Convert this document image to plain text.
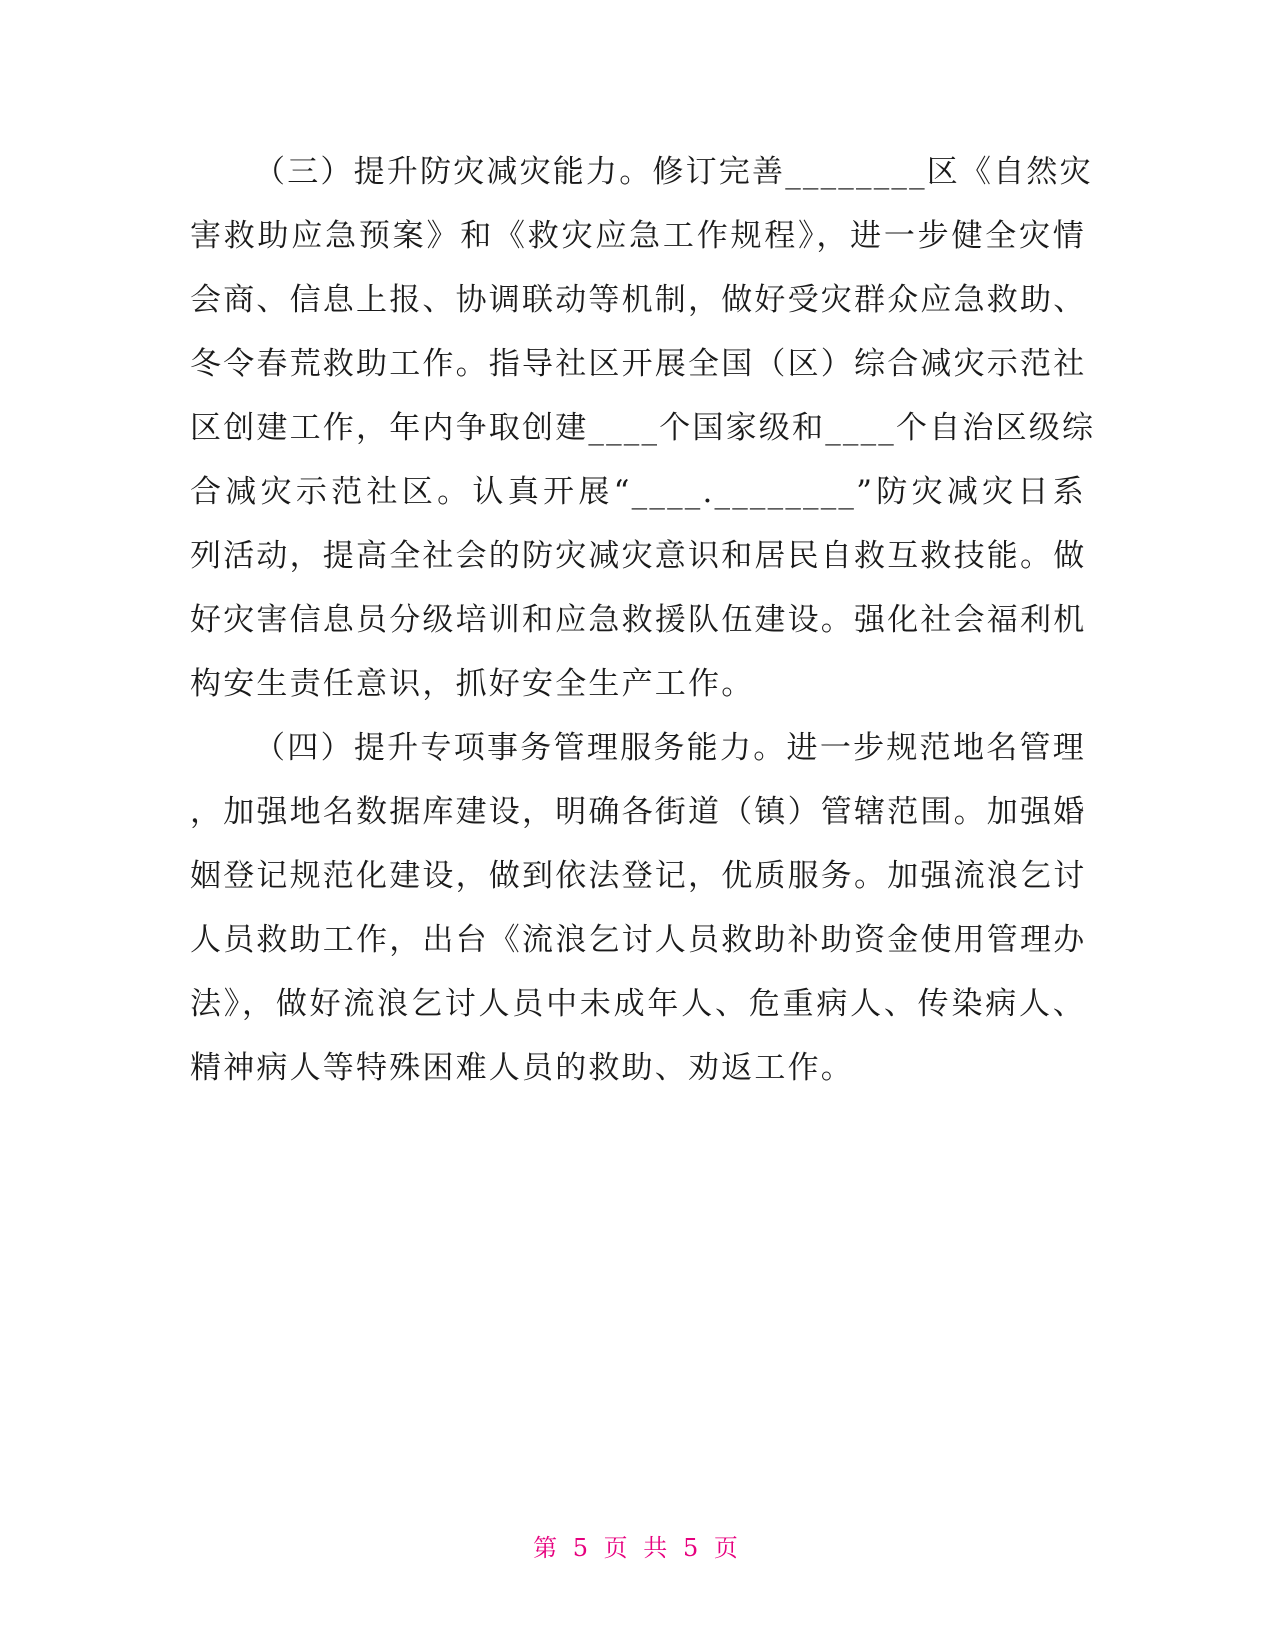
（三）提升防灾减灾能力。修订完善________区《自然灾
害救助应急预案》和《救灾应急工作规程》，进一步健全灾情
会商、信息上报、协调联动等机制，做好受灾群众应急救助、
冬令春荒救助工作。指导社区开展全国（区）综合减灾示范社
区创建工作，年内争取创建____个国家级和____个自治区级综
合减灾示范社区。认真开展“____.________”防灾减灾日系
列活动，提高全社会的防灾减灾意识和居民自救互救技能。做
好灾害信息员分级培训和应急救援队伍建设。强化社会福利机
构安生责任意识，抓好安全生产工作。
（四）提升专项事务管理服务能力。进一步规范地名管理
，加强地名数据库建设，明确各街道（镇）管辖范围。加强婚
姻登记规范化建设，做到依法登记，优质服务。加强流浪乞讨
人员救助工作，出台《流浪乞讨人员救助补助资金使用管理办
法》，做好流浪乞讨人员中未成年人、危重病人、传染病人、
精神病人等特殊困难人员的救助、劝返工作。
第 5 页 共 5 页
